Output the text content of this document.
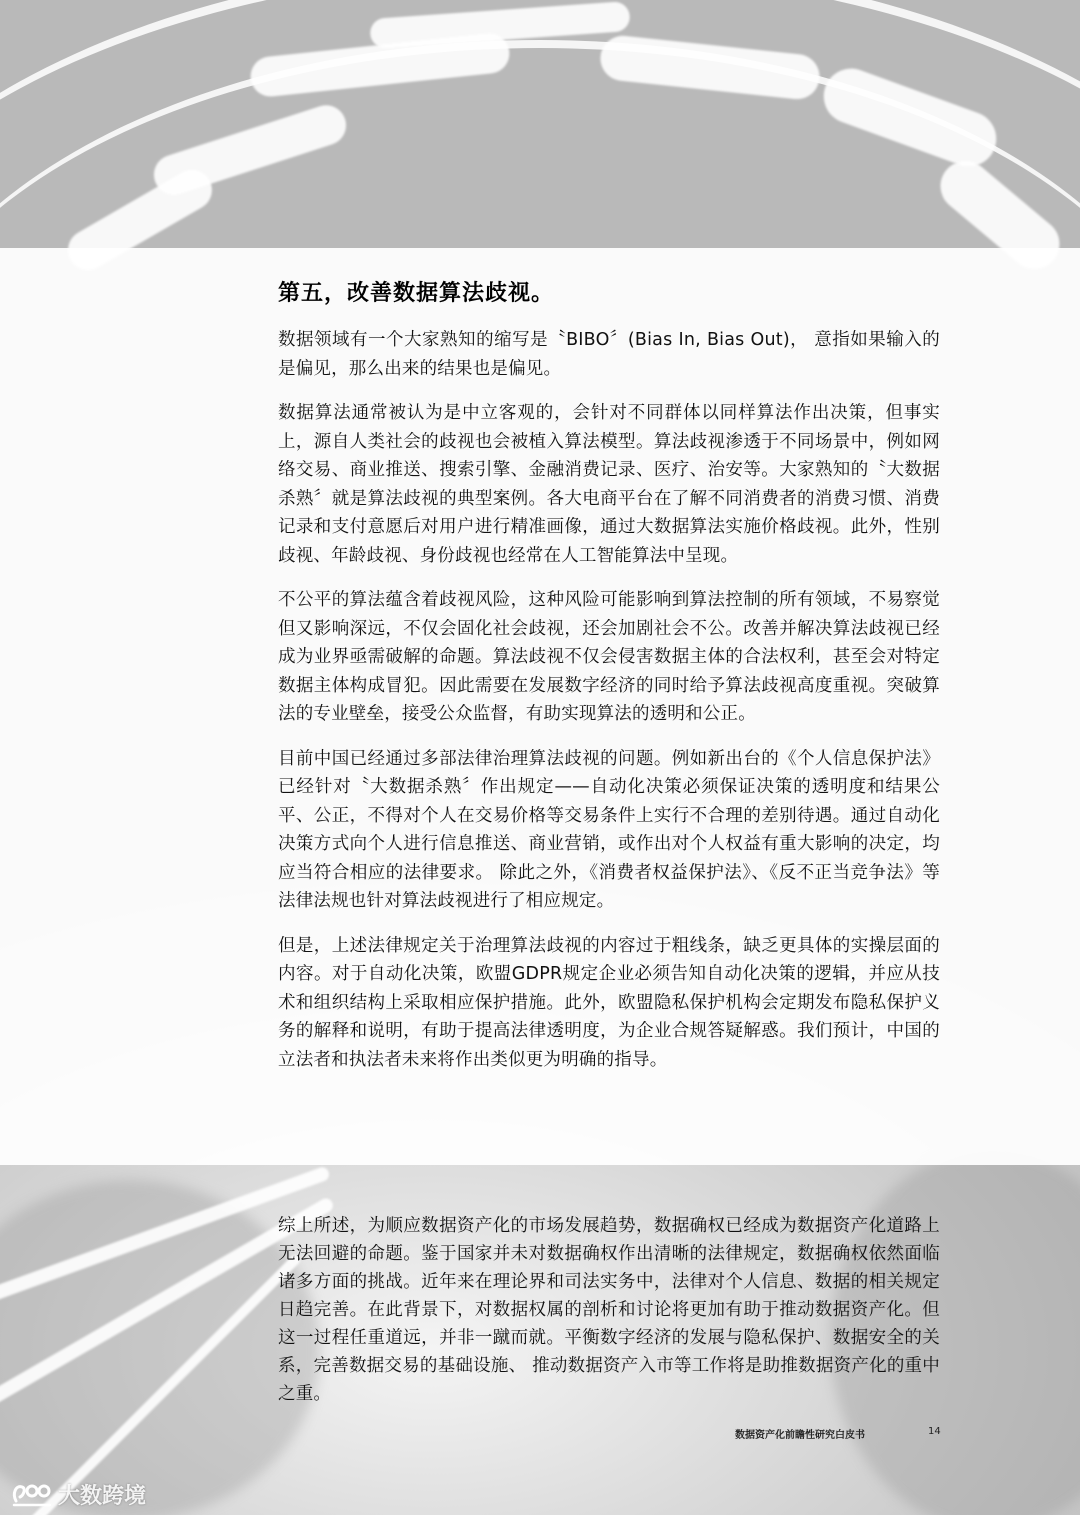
第五，改善数据算法歧视。

数据领域有一个大家熟知的缩写是〝BIBO〞(Bias In, Bias Out)， 意指如果输入的是偏见，那么出来的结果也是偏见。

数据算法通常被认为是中立客观的，会针对不同群体以同样算法作出决策，但事实上，源自人类社会的歧视也会被植入算法模型。算法歧视渗透于不同场景中，例如网络交易、商业推送、搜索引擎、金融消费记录、医疗、治安等。大家熟知的〝大数据杀熟〞就是算法歧视的典型案例。各大电商平台在了解不同消费者的消费习惯、消费记录和支付意愿后对用户进行精准画像，通过大数据算法实施价格歧视。此外，性别歧视、年龄歧视、身份歧视也经常在人工智能算法中呈现。

不公平的算法蕴含着歧视风险，这种风险可能影响到算法控制的所有领域，不易察觉但又影响深远，不仅会固化社会歧视，还会加剧社会不公。改善并解决算法歧视已经成为业界亟需破解的命题。算法歧视不仅会侵害数据主体的合法权利，甚至会对特定数据主体构成冒犯。因此需要在发展数字经济的同时给予算法歧视高度重视。突破算法的专业壁垒，接受公众监督，有助实现算法的透明和公正。

目前中国已经通过多部法律治理算法歧视的问题。例如新出台的《个人信息保护法》已经针对〝大数据杀熟〞作出规定——自动化决策必须保证决策的透明度和结果公平、公正，不得对个人在交易价格等交易条件上实行不合理的差别待遇。通过自动化决策方式向个人进行信息推送、商业营销，或作出对个人权益有重大影响的决定，均应当符合相应的法律要求。 除此之外，《消费者权益保护法》、《反不正当竞争法》等法律法规也针对算法歧视进行了相应规定。

但是，上述法律规定关于治理算法歧视的内容过于粗线条，缺乏更具体的实操层面的内容。对于自动化决策，欧盟GDPR规定企业必须告知自动化决策的逻辑，并应从技术和组织结构上采取相应保护措施。此外，欧盟隐私保护机构会定期发布隐私保护义务的解释和说明，有助于提高法律透明度，为企业合规答疑解惑。我们预计，中国的立法者和执法者未来将作出类似更为明确的指导。

综上所述，为顺应数据资产化的市场发展趋势，数据确权已经成为数据资产化道路上无法回避的命题。鉴于国家并未对数据确权作出清晰的法律规定，数据确权依然面临诸多方面的挑战。近年来在理论界和司法实务中，法律对个人信息、数据的相关规定日趋完善。在此背景下，对数据权属的剖析和讨论将更加有助于推动数据资产化。但这一过程任重道远，并非一蹴而就。平衡数字经济的发展与隐私保护、数据安全的关系，完善数据交易的基础设施、 推动数据资产入市等工作将是助推数据资产化的重中之重。
数据资产化前瞻性研究白皮书	14
大数跨境
